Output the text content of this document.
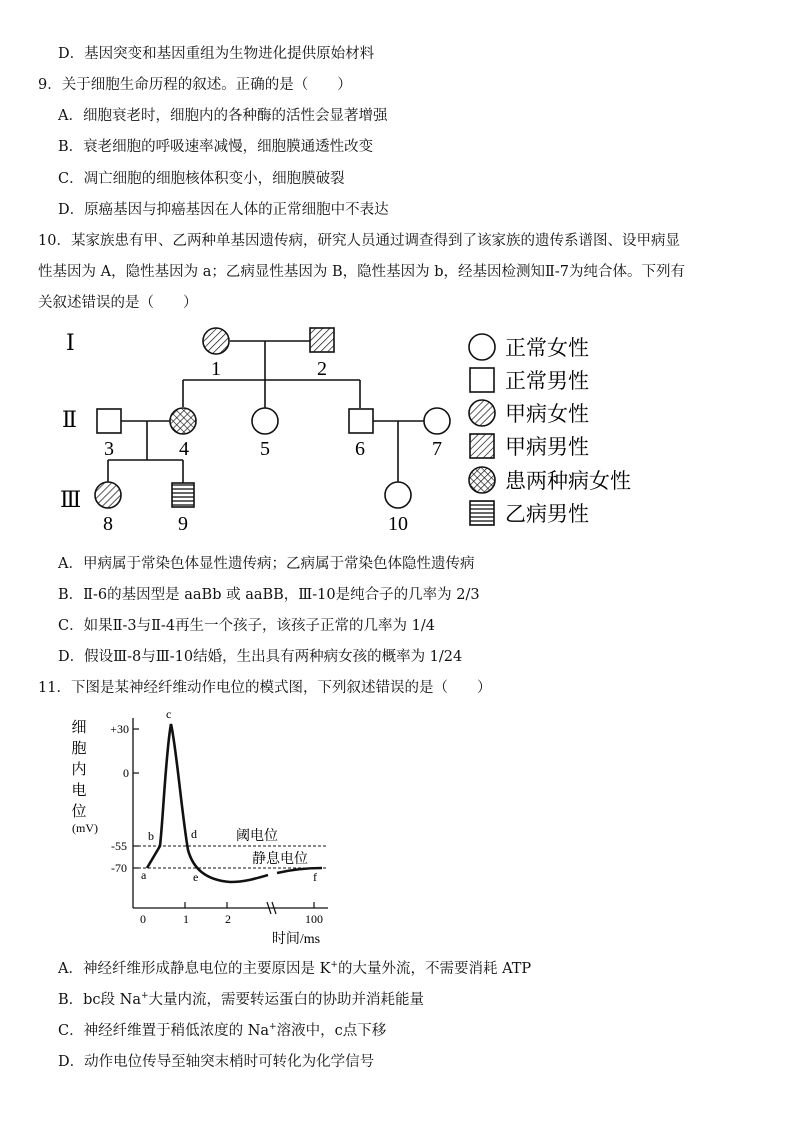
D．基因突变和基因重组为生物进化提供原始材料
9．关于细胞生命历程的叙述。正确的是（　　）
A．细胞衰老时，细胞内的各种酶的活性会显著增强
B．衰老细胞的呼吸速率减慢，细胞膜通透性改变
C．凋亡细胞的细胞核体积变小，细胞膜破裂
D．原癌基因与抑癌基因在人体的正常细胞中不表达
10．某家族患有甲、乙两种单基因遗传病，研究人员通过调查得到了该家族的遗传系谱图、设甲病显
性基因为 A，隐性基因为 a；乙病显性基因为 B，隐性基因为 b，经基因检测知Ⅱ-7为纯合体。下列有
关叙述错误的是（　　）
Ⅰ
Ⅱ
Ⅲ
1	2
3	4	5	6	7
8	9	10
正常女性
正常男性
甲病女性
甲病男性
患两种病女性
乙病男性
A．甲病属于常染色体显性遗传病；乙病属于常染色体隐性遗传病
B．Ⅱ-6的基因型是 aaBb 或 aaBB，Ⅲ-10是纯合子的几率为 2/3
C．如果Ⅱ-3与Ⅱ-4再生一个孩子，该孩子正常的几率为 1/4
D．假设Ⅲ-8与Ⅲ-10结婚，生出具有两种病女孩的概率为 1/24
11．下图是某神经纤维动作电位的模式图，下列叙述错误的是（　　）
细
胞
内
电
位
(mV)
+30
0
-55
-70
0	1	2	100
时间/ms
阈电位
静息电位
a
b
c
d
e	f
A．神经纤维形成静息电位的主要原因是 K+的大量外流，不需要消耗 ATP
B．bc段 Na+大量内流，需要转运蛋白的协助并消耗能量
C．神经纤维置于稍低浓度的 Na+溶液中，c点下移
D．动作电位传导至轴突末梢时可转化为化学信号
